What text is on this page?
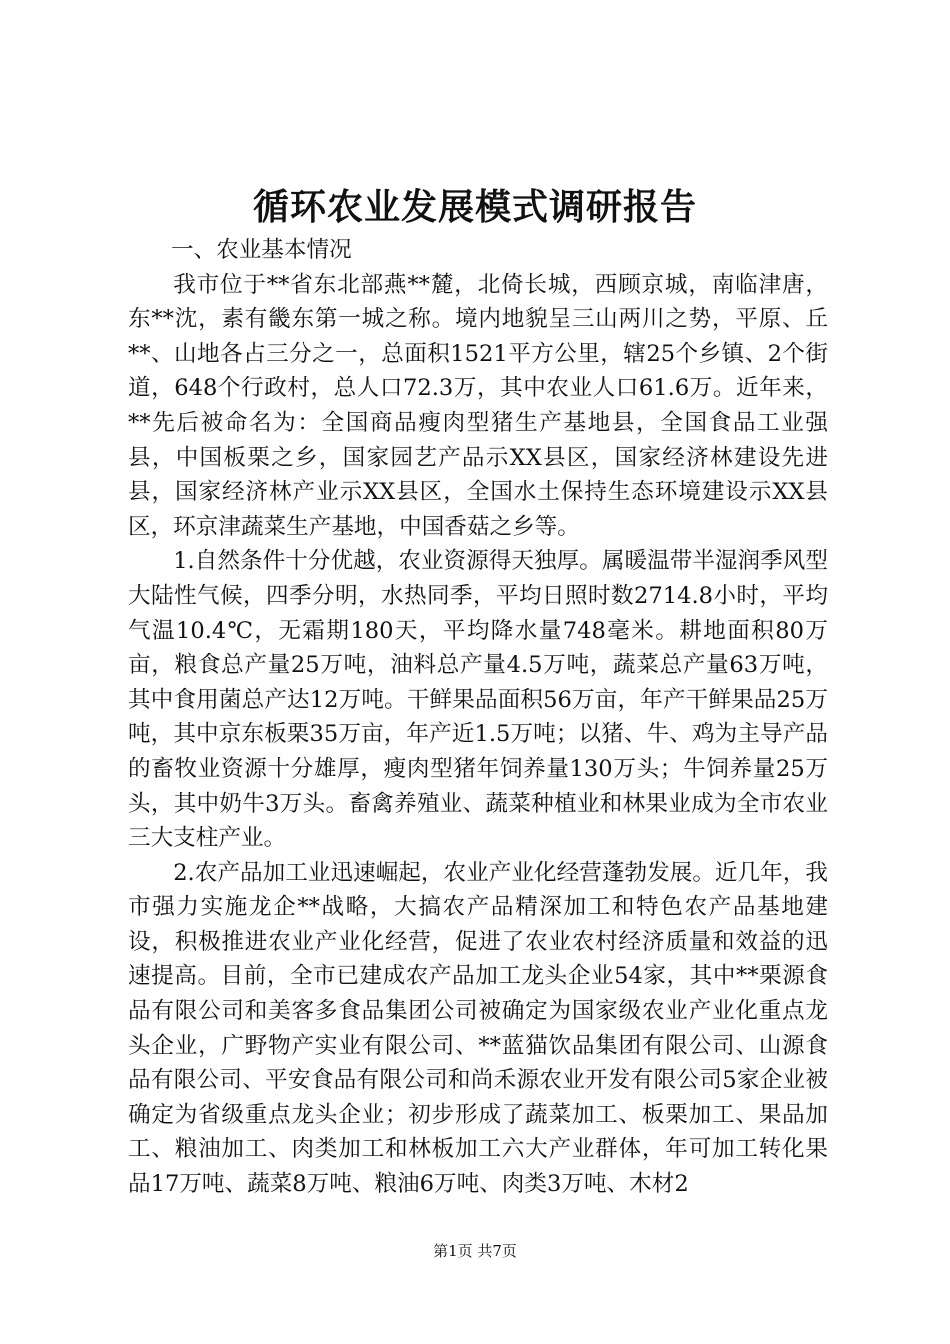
循环农业发展模式调研报告

一、农业基本情况

我市位于**省东北部燕**麓，北倚长城，西顾京城，南临津唐，东**沈，素有畿东第一城之称。境内地貌呈三山两川之势，平原、丘**、山地各占三分之一，总面积1521平方公里，辖25个乡镇、2个街道，648个行政村，总人口72.3万，其中农业人口61.6万。近年来，**先后被命名为：全国商品瘦肉型猪生产基地县，全国食品工业强县，中国板栗之乡，国家园艺产品示XX县区，国家经济林建设先进县，国家经济林产业示XX县区，全国水土保持生态环境建设示XX县区，环京津蔬菜生产基地，中国香菇之乡等。

1.自然条件十分优越，农业资源得天独厚。属暖温带半湿润季风型大陆性气候，四季分明，水热同季，平均日照时数2714.8小时，平均气温10.4℃，无霜期180天，平均降水量748毫米。耕地面积80万亩，粮食总产量25万吨，油料总产量4.5万吨，蔬菜总产量63万吨，其中食用菌总产达12万吨。干鲜果品面积56万亩，年产干鲜果品25万吨，其中京东板栗35万亩，年产近1.5万吨；以猪、牛、鸡为主导产品的畜牧业资源十分雄厚，瘦肉型猪年饲养量130万头；牛饲养量25万头，其中奶牛3万头。畜禽养殖业、蔬菜种植业和林果业成为全市农业三大支柱产业。

2.农产品加工业迅速崛起，农业产业化经营蓬勃发展。近几年，我市强力实施龙企**战略，大搞农产品精深加工和特色农产品基地建设，积极推进农业产业化经营，促进了农业农村经济质量和效益的迅速提高。目前，全市已建成农产品加工龙头企业54家，其中**栗源食品有限公司和美客多食品集团公司被确定为国家级农业产业化重点龙头企业，广野物产实业有限公司、**蓝猫饮品集团有限公司、山源食品有限公司、平安食品有限公司和尚禾源农业开发有限公司5家企业被确定为省级重点龙头企业；初步形成了蔬菜加工、板栗加工、果品加工、粮油加工、肉类加工和林板加工六大产业群体，年可加工转化果品17万吨、蔬菜8万吨、粮油6万吨、肉类3万吨、木材2

第1页 共7页
